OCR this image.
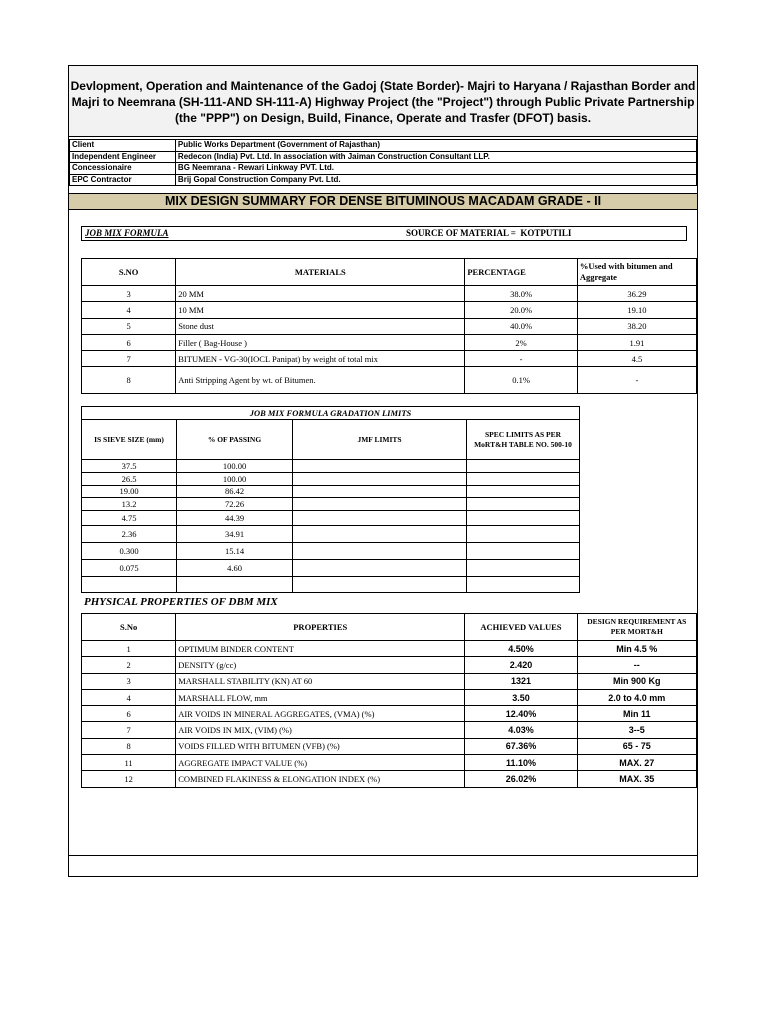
Devlopment, Operation and Maintenance of the Gadoj (State Border)- Majri to Haryana / Rajasthan Border and
Majri to Neemrana (SH-111-AND SH-111-A) Highway Project (the "Project") through Public Private Partnership
(the "PPP") on Design, Build, Finance, Operate and Trasfer (DFOT) basis.
Client	Public Works Department (Government of Rajasthan)
Independent Engineer	Redecon (India) Pvt. Ltd. In association with Jaiman Construction Consultant LLP.
Concessionaire	BG Neemrana - Rewari Linkway PVT. Ltd.
EPC Contractor	Brij Gopal Construction Company Pvt. Ltd.
MIX DESIGN SUMMARY FOR DENSE BITUMINOUS MACADAM GRADE - II
JOB MIX FORMULA	SOURCE OF MATERIAL = KOTPUTILI
S.NO	MATERIALS	PERCENTAGE	%Used with bitumen and Aggregate
3	20 MM	38.0%	36.29
4	10 MM	20.0%	19.10
5	Stone dust	40.0%	38.20
6	Filler ( Bag-House )	2%	1.91
7	BITUMEN - VG-30(IOCL Panipat) by weight of total mix	-	4.5
8	Anti Stripping Agent by wt. of Bitumen.	0.1%	-
JOB MIX FORMULA GRADATION LIMITS			
IS SIEVE SIZE (mm)	% OF PASSING	JMF LIMITS	SPEC LIMITS AS PER MoRT&H TABLE NO. 500-10
37.5	100.00		
26.5	100.00		
19.00	86.42		
13.2	72.26		
4.75	44.39		
2.36	34.91		
0.300	15.14		
0.075	4.60		

PHYSICAL PROPERTIES OF DBM MIX
S.No	PROPERTIES	ACHIEVED VALUES	DESIGN REQUIREMENT AS PER MORT&H
1	OPTIMUM BINDER CONTENT	4.50%	Min 4.5 %
2	DENSITY (g/cc)	2.420	--
3	MARSHALL STABILITY (KN) AT 60	1321	Min 900 Kg
4	MARSHALL FLOW, mm	3.50	2.0 to 4.0 mm
6	AIR VOIDS IN MINERAL AGGREGATES, (VMA) (%)	12.40%	Min 11
7	AIR VOIDS IN MIX, (VIM) (%)	4.03%	3--5
8	VOIDS FILLED WITH BITUMEN (VFB) (%)	67.36%	65 - 75
11	AGGREGATE IMPACT VALUE (%)	11.10%	MAX. 27
12	COMBINED FLAKINESS & ELONGATION INDEX (%)	26.02%	MAX. 35
